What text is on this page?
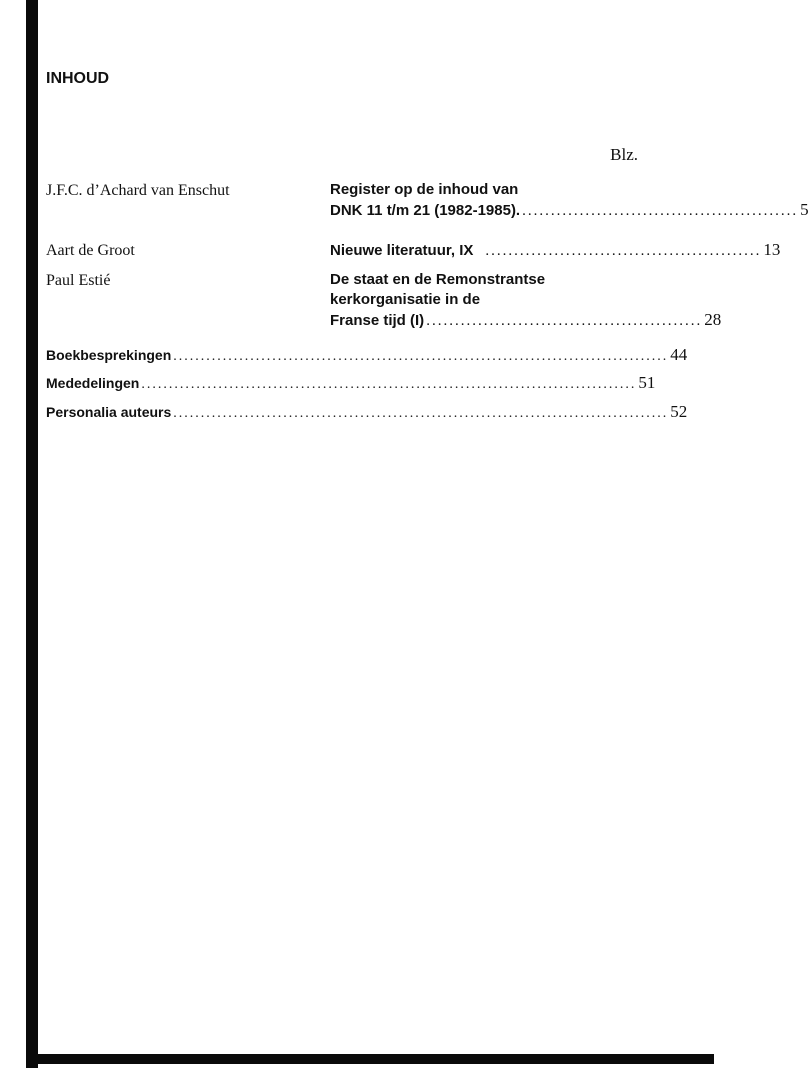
INHOUD
Blz.
J.F.C. d’Achard van Enschut	Register op de inhoud van
DNK 11 t/m 21 (1982-1985). ................................................ 5
Aart de Groot	Nieuwe literatuur, IX ................................................ 13
Paul Estié	De staat en de Remonstrantse
kerkorganisatie in de
Franse tijd (I) ................................................ 28
Boekbesprekingen .......................................................................................... 44
Mededelingen .......................................................................................... 51
Personalia auteurs .......................................................................................... 52
